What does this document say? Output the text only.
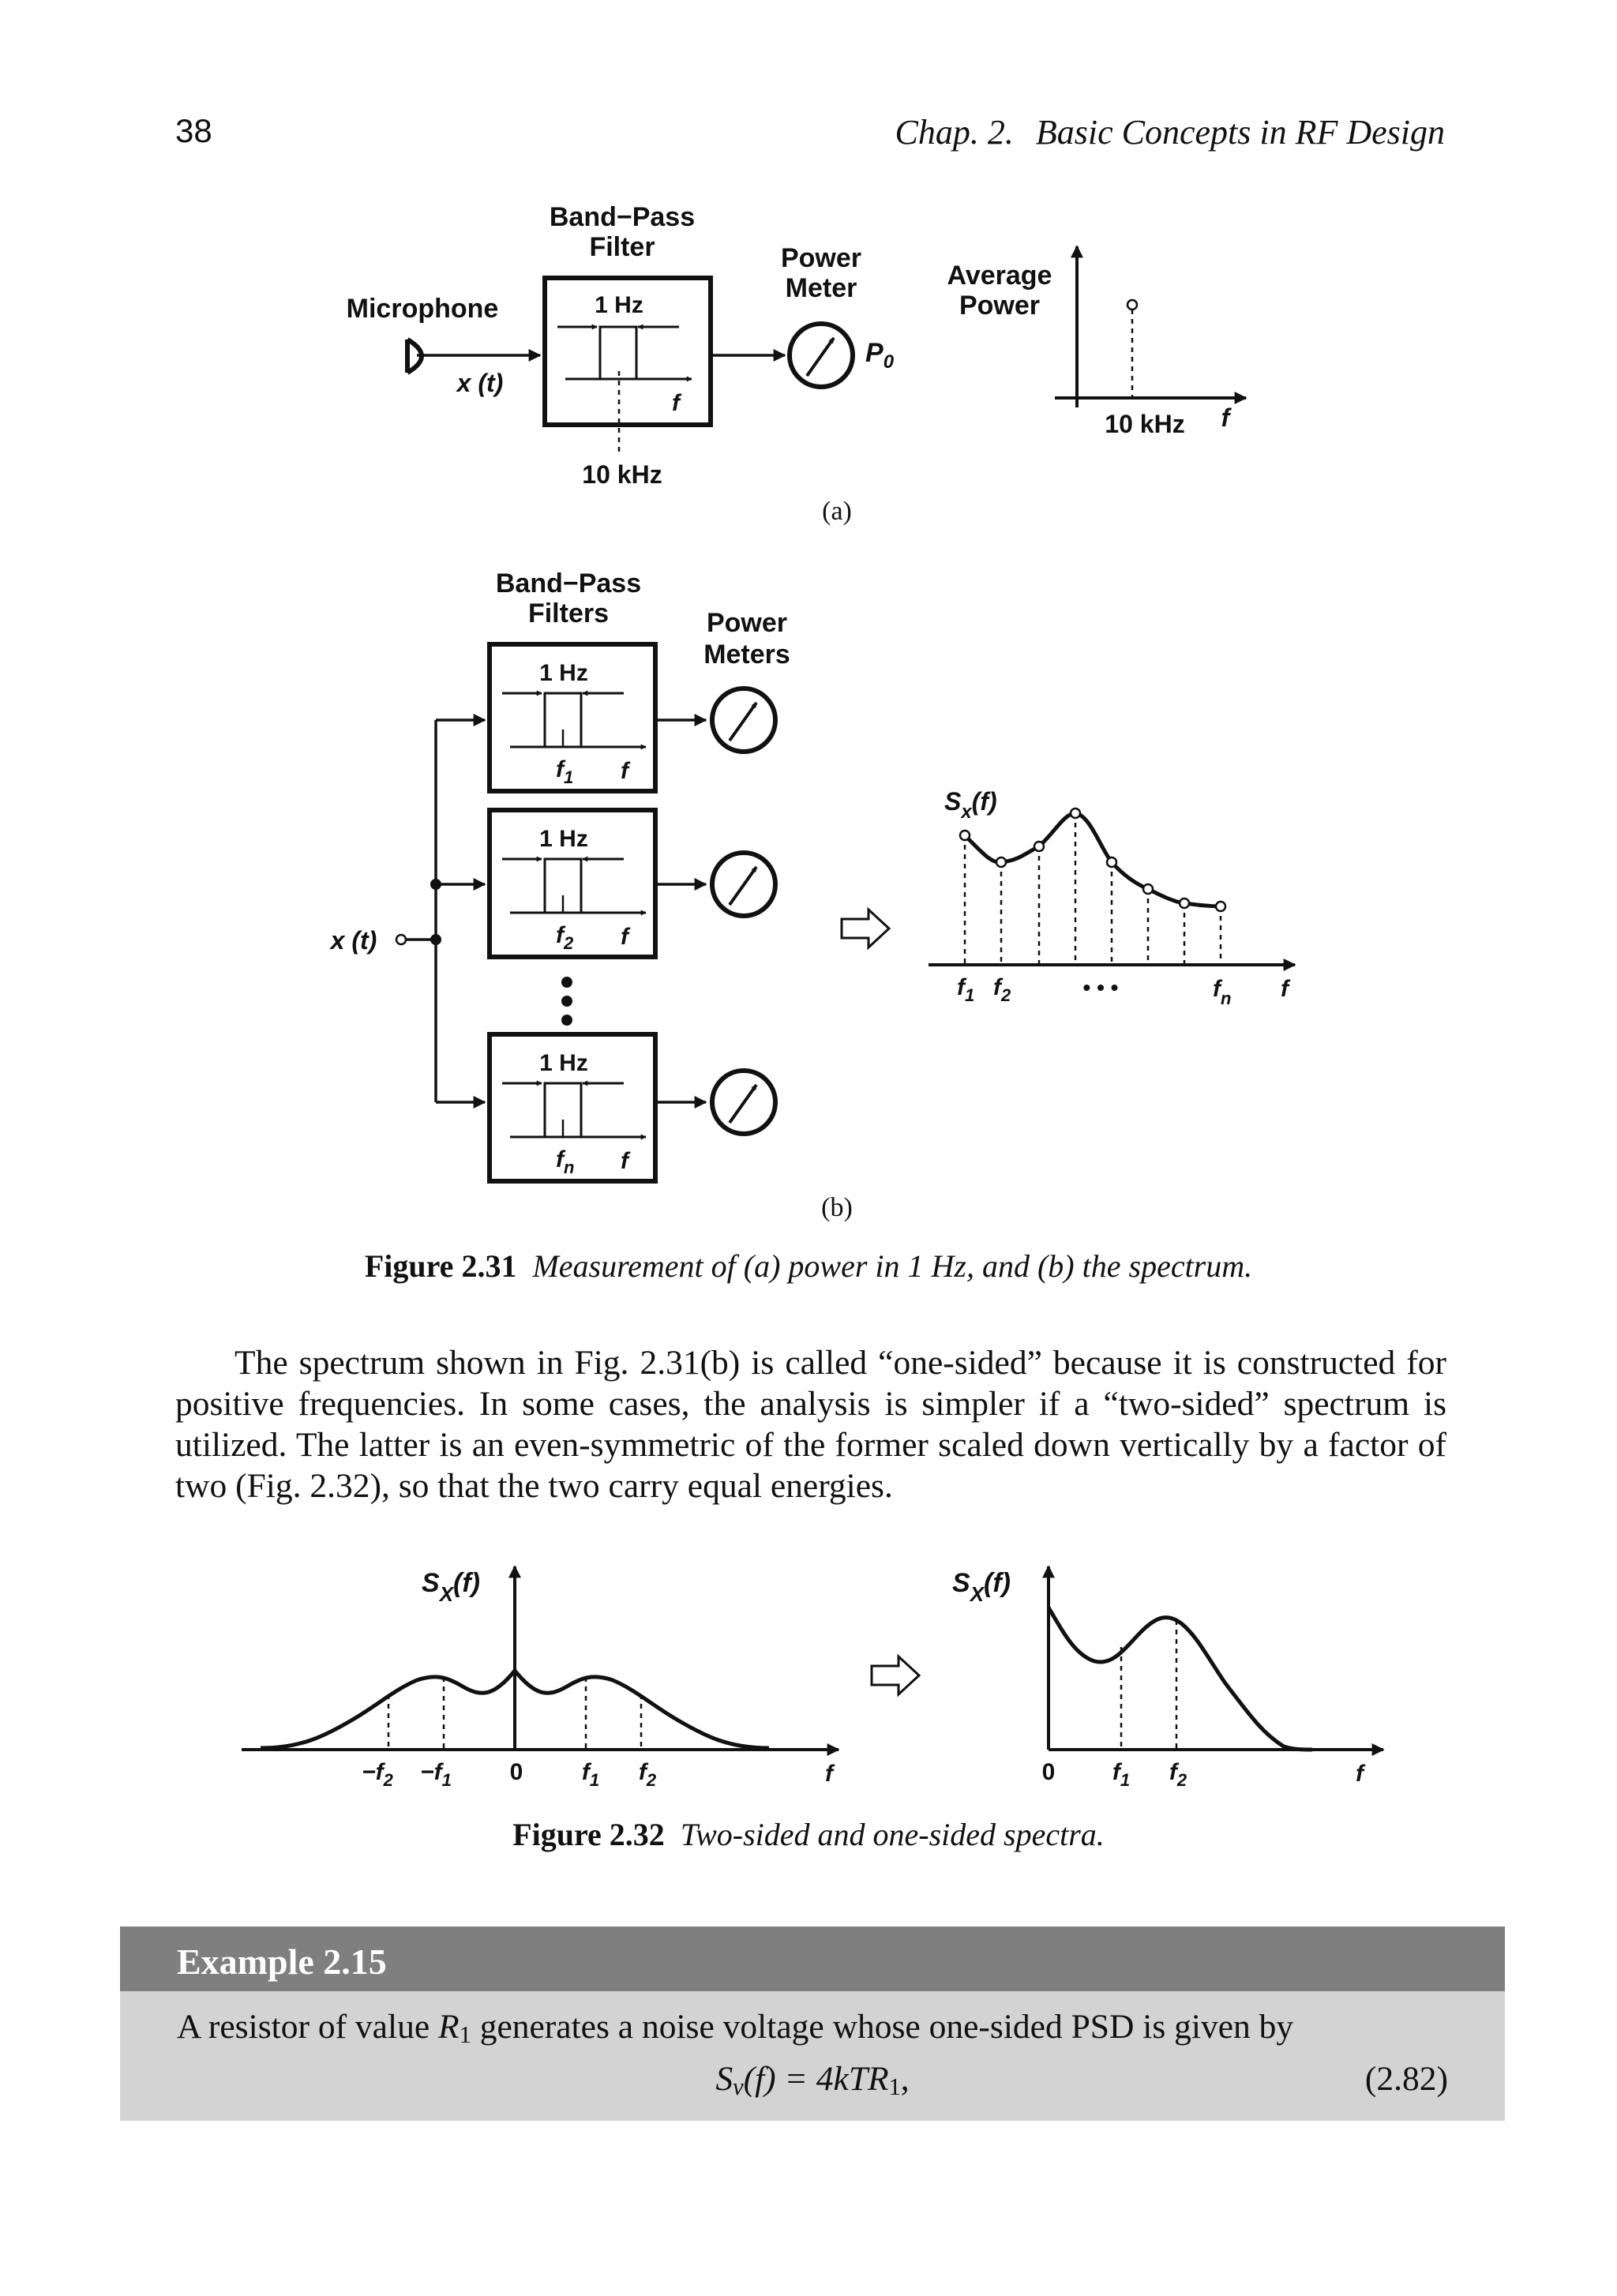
38	Chap. 2. Basic Concepts in RF Design
Band−Pass
Filter
Microphone
x (t)
1 Hz
f
10 kHz
Power
Meter
$P_0$
Average
Power
10 kHz f
(a)
Band−Pass
Filters	Power
Meters
x (t)
1 Hz
$f_1$ f
1 Hz
$f_2$ f
1 Hz
$f_n$ f
$S_x(f)$
$f_1$ $f_2$	• • •	$f_n$ f
(b)
$S_X(f)$
$-f_2 -f_1$ 0 $f_1$ $f_2$	f
$S_X(f)$
0 $f_1$ $f_2$	f
Figure 2.31 Measurement of (a) power in 1 Hz, and (b) the spectrum.
The spectrum shown in Fig. 2.31(b) is called “one-sided” because it is constructed for positive frequencies. In some cases, the analysis is simpler if a “two-sided” spectrum is utilized. The latter is an even-symmetric of the former scaled down vertically by a factor of two (Fig. 2.32), so that the two carry equal energies.
Figure 2.32 Two-sided and one-sided spectra.
Example 2.15
A resistor of value $R_1$ generates a noise voltage whose one-sided PSD is given by
$S_v(f) = 4kTR_1$,	(2.82)
